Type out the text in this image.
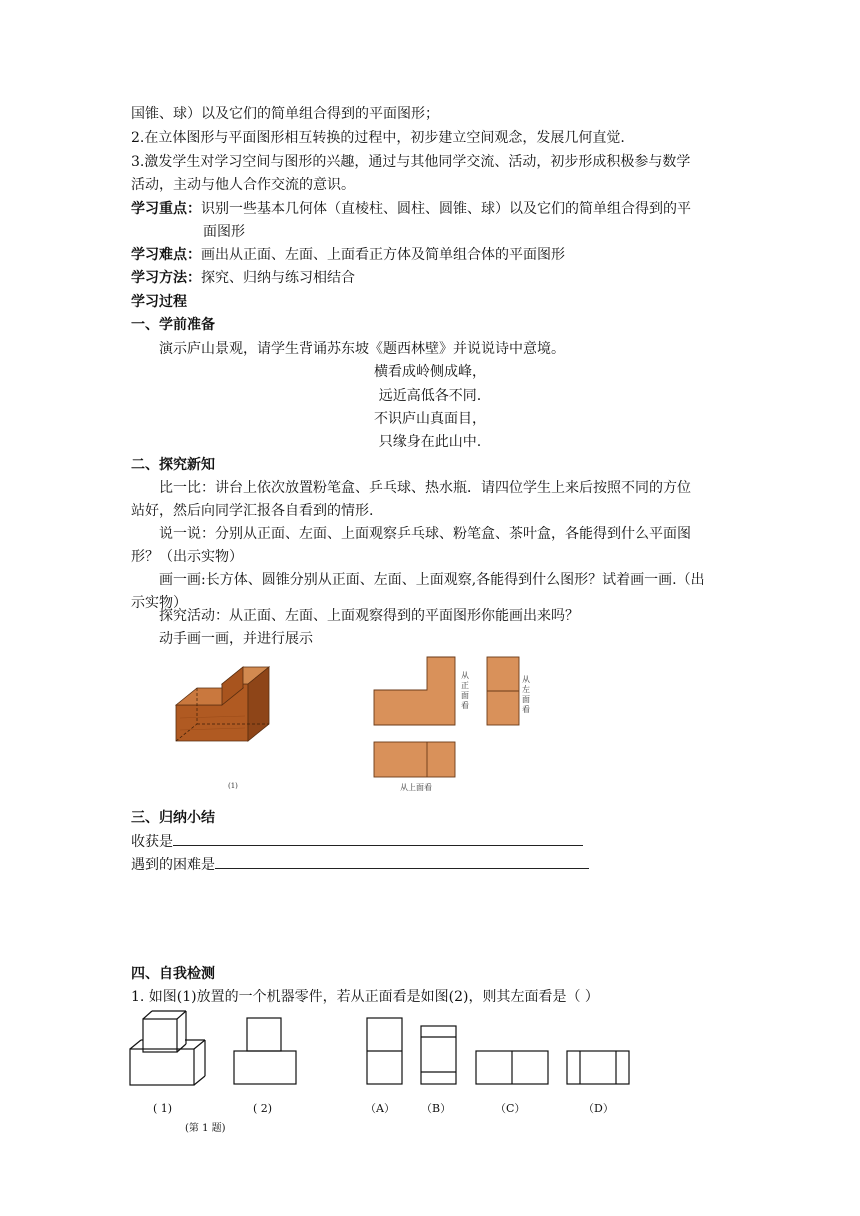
国锥、球）以及它们的简单组合得到的平面图形；
2.在立体图形与平面图形相互转换的过程中，初步建立空间观念，发展几何直觉.
3.激发学生对学习空间与图形的兴趣，通过与其他同学交流、活动，初步形成积极参与数学
活动，主动与他人合作交流的意识。
学习重点：识别一些基本几何体（直棱柱、圆柱、圆锥、球）以及它们的简单组合得到的平
面图形
学习难点：画出从正面、左面、上面看正方体及简单组合体的平面图形
学习方法：探究、归纳与练习相结合
学习过程
一、学前准备
演示庐山景观，请学生背诵苏东坡《题西林壁》并说说诗中意境。
横看成岭侧成峰，
远近高低各不同.
不识庐山真面目，
只缘身在此山中.
二、探究新知
比一比：讲台上依次放置粉笔盒、乒乓球、热水瓶．请四位学生上来后按照不同的方位
站好，然后向同学汇报各自看到的情形.
说一说：分别从正面、左面、上面观察乒乓球、粉笔盒、茶叶盒，各能得到什么平面图
形？（出示实物）
画一画:长方体、圆锥分别从正面、左面、上面观察,各能得到什么图形？试着画一画.（出
示实物）
探究活动：从正面、左面、上面观察得到的平面图形你能画出来吗？
动手画一画，并进行展示
(1)
从
正
面
看
从上面看
从
左
面
看
三、归纳小结
收获是
遇到的困难是
四、自我检测
1. 如图(1)放置的一个机器零件，若从正面看是如图(2)，则其左面看是（ ）
( 1)	( 2)	（A） （B）	（C）	（D）
(第 1 题)
